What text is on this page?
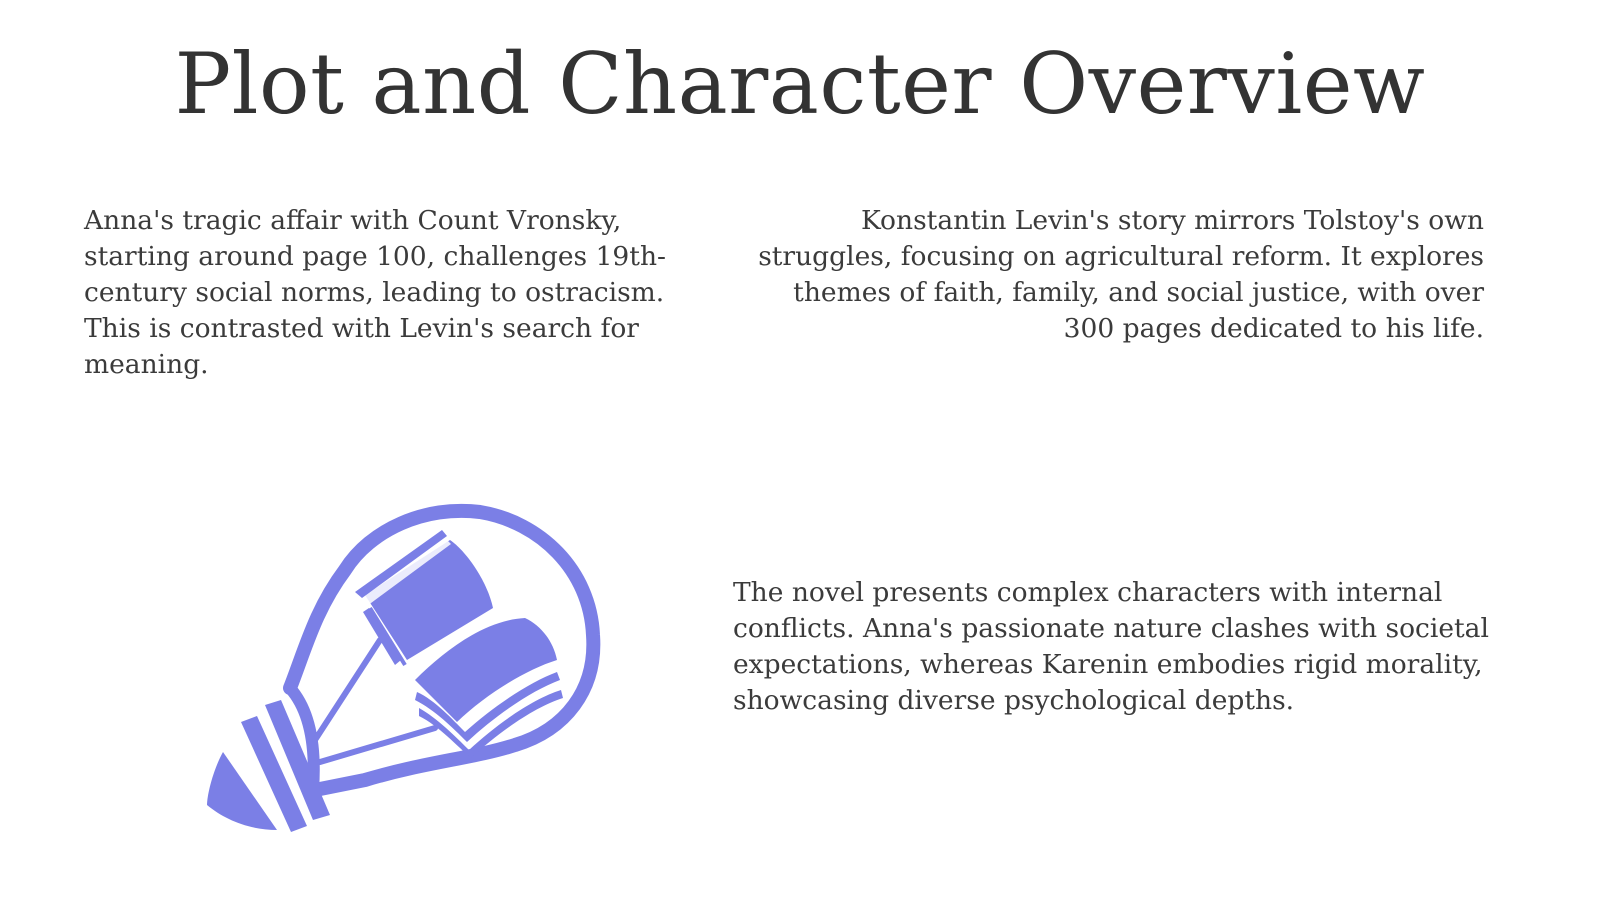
Plot and Character Overview
Anna's tragic affair with Count Vronsky, starting around page 100, challenges 19th-century social norms, leading to ostracism. This is contrasted with Levin's search for meaning.
Konstantin Levin's story mirrors Tolstoy's own struggles, focusing on agricultural reform. It explores themes of faith, family, and social justice, with over 300 pages dedicated to his life.
The novel presents complex characters with internal conflicts. Anna's passionate nature clashes with societal expectations, whereas Karenin embodies rigid morality, showcasing diverse psychological depths.
